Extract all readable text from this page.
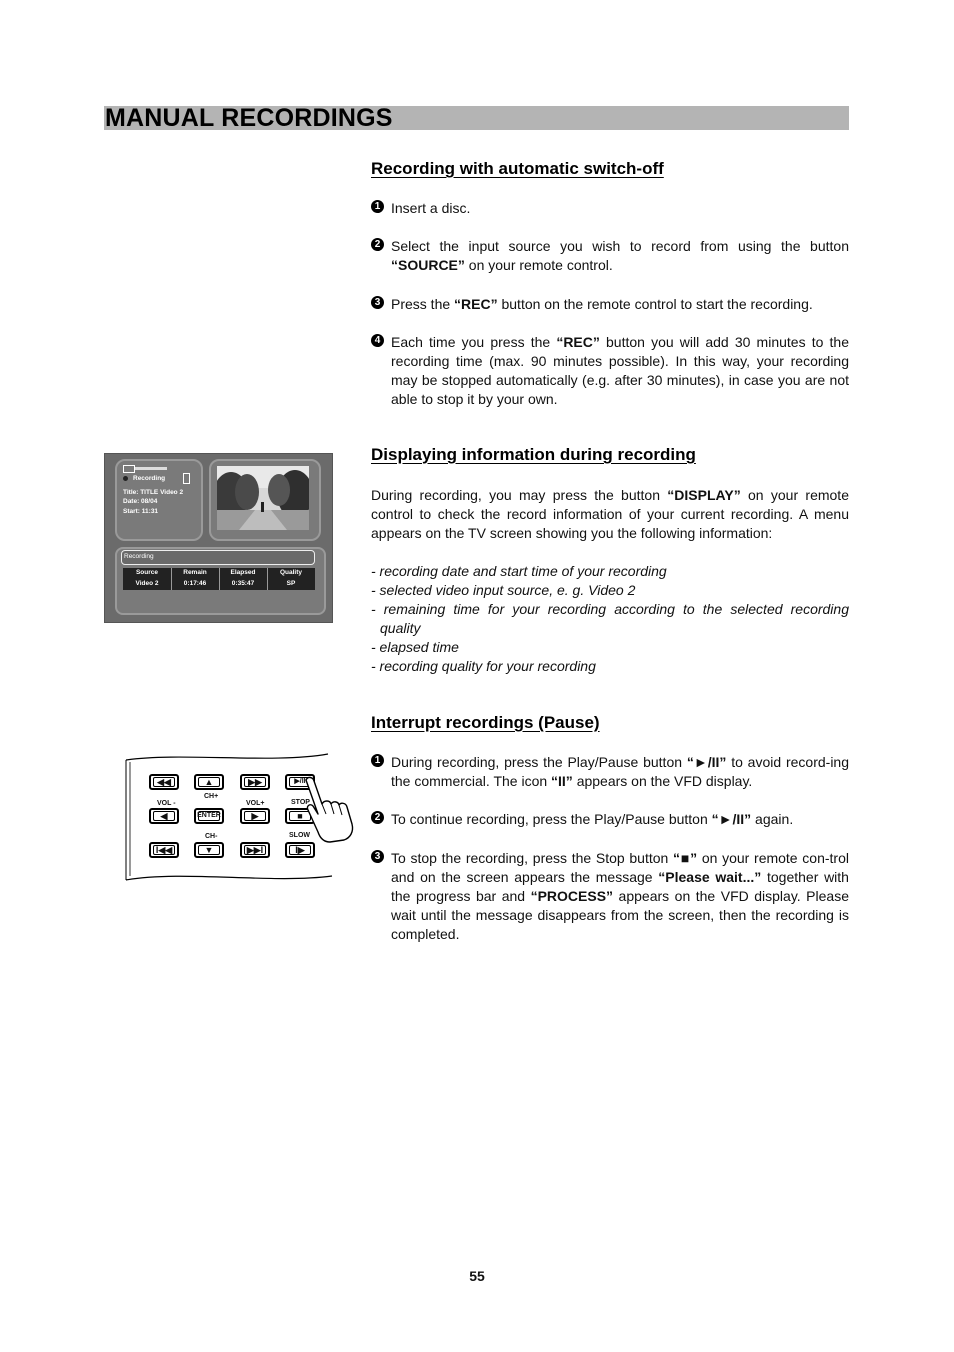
MANUAL RECORDINGS
Recording with automatic switch-off
1 Insert a disc.
2 Select the input source you wish to record from using the button “SOURCE” on your remote control.
3 Press the “REC” button on the remote control to start the recording.
4 Each time you press the “REC” button you will add 30 minutes to the recording time (max. 90 minutes possible). In this way, your recording may be stopped automatically (e.g. after 30 minutes), in case you are not able to stop it by your own.
Displaying information during recording
During recording, you may press the button “DISPLAY” on your remote control to check the record information of your current recording. A menu appears on the TV screen showing you the following information:
- recording date and start time of your recording
- selected video input source, e. g. Video 2
- remaining time for your recording according to the selected recording quality
- elapsed time
- recording quality for your recording
Interrupt recordings (Pause)
1 During recording, press the Play/Pause button “►/II” to avoid record-ing the commercial. The icon “II” appears on the VFD display.
2 To continue recording, press the Play/Pause button “►/II” again.
3 To stop the recording, press the Stop button “■” on your remote con-trol and on the screen appears the message “Please wait...” together with the progress bar and “PROCESS” appears on the VFD display. Please wait until the message disappears from the screen, then the recording is completed.
Recording
Title: TITLE Video 2
Date: 08/04
Start: 11:31
Recording
Source	Remain	Elapsed	Quality
Video 2	0:17:46	0:35:47	SP
◀◀	▲	▶▶	▶/II
CH+
VOL -	VOL+	STOP
◀	ENTER	▶	■
CH-	SLOW
I◀◀	▼	▶▶I	I▶
55
